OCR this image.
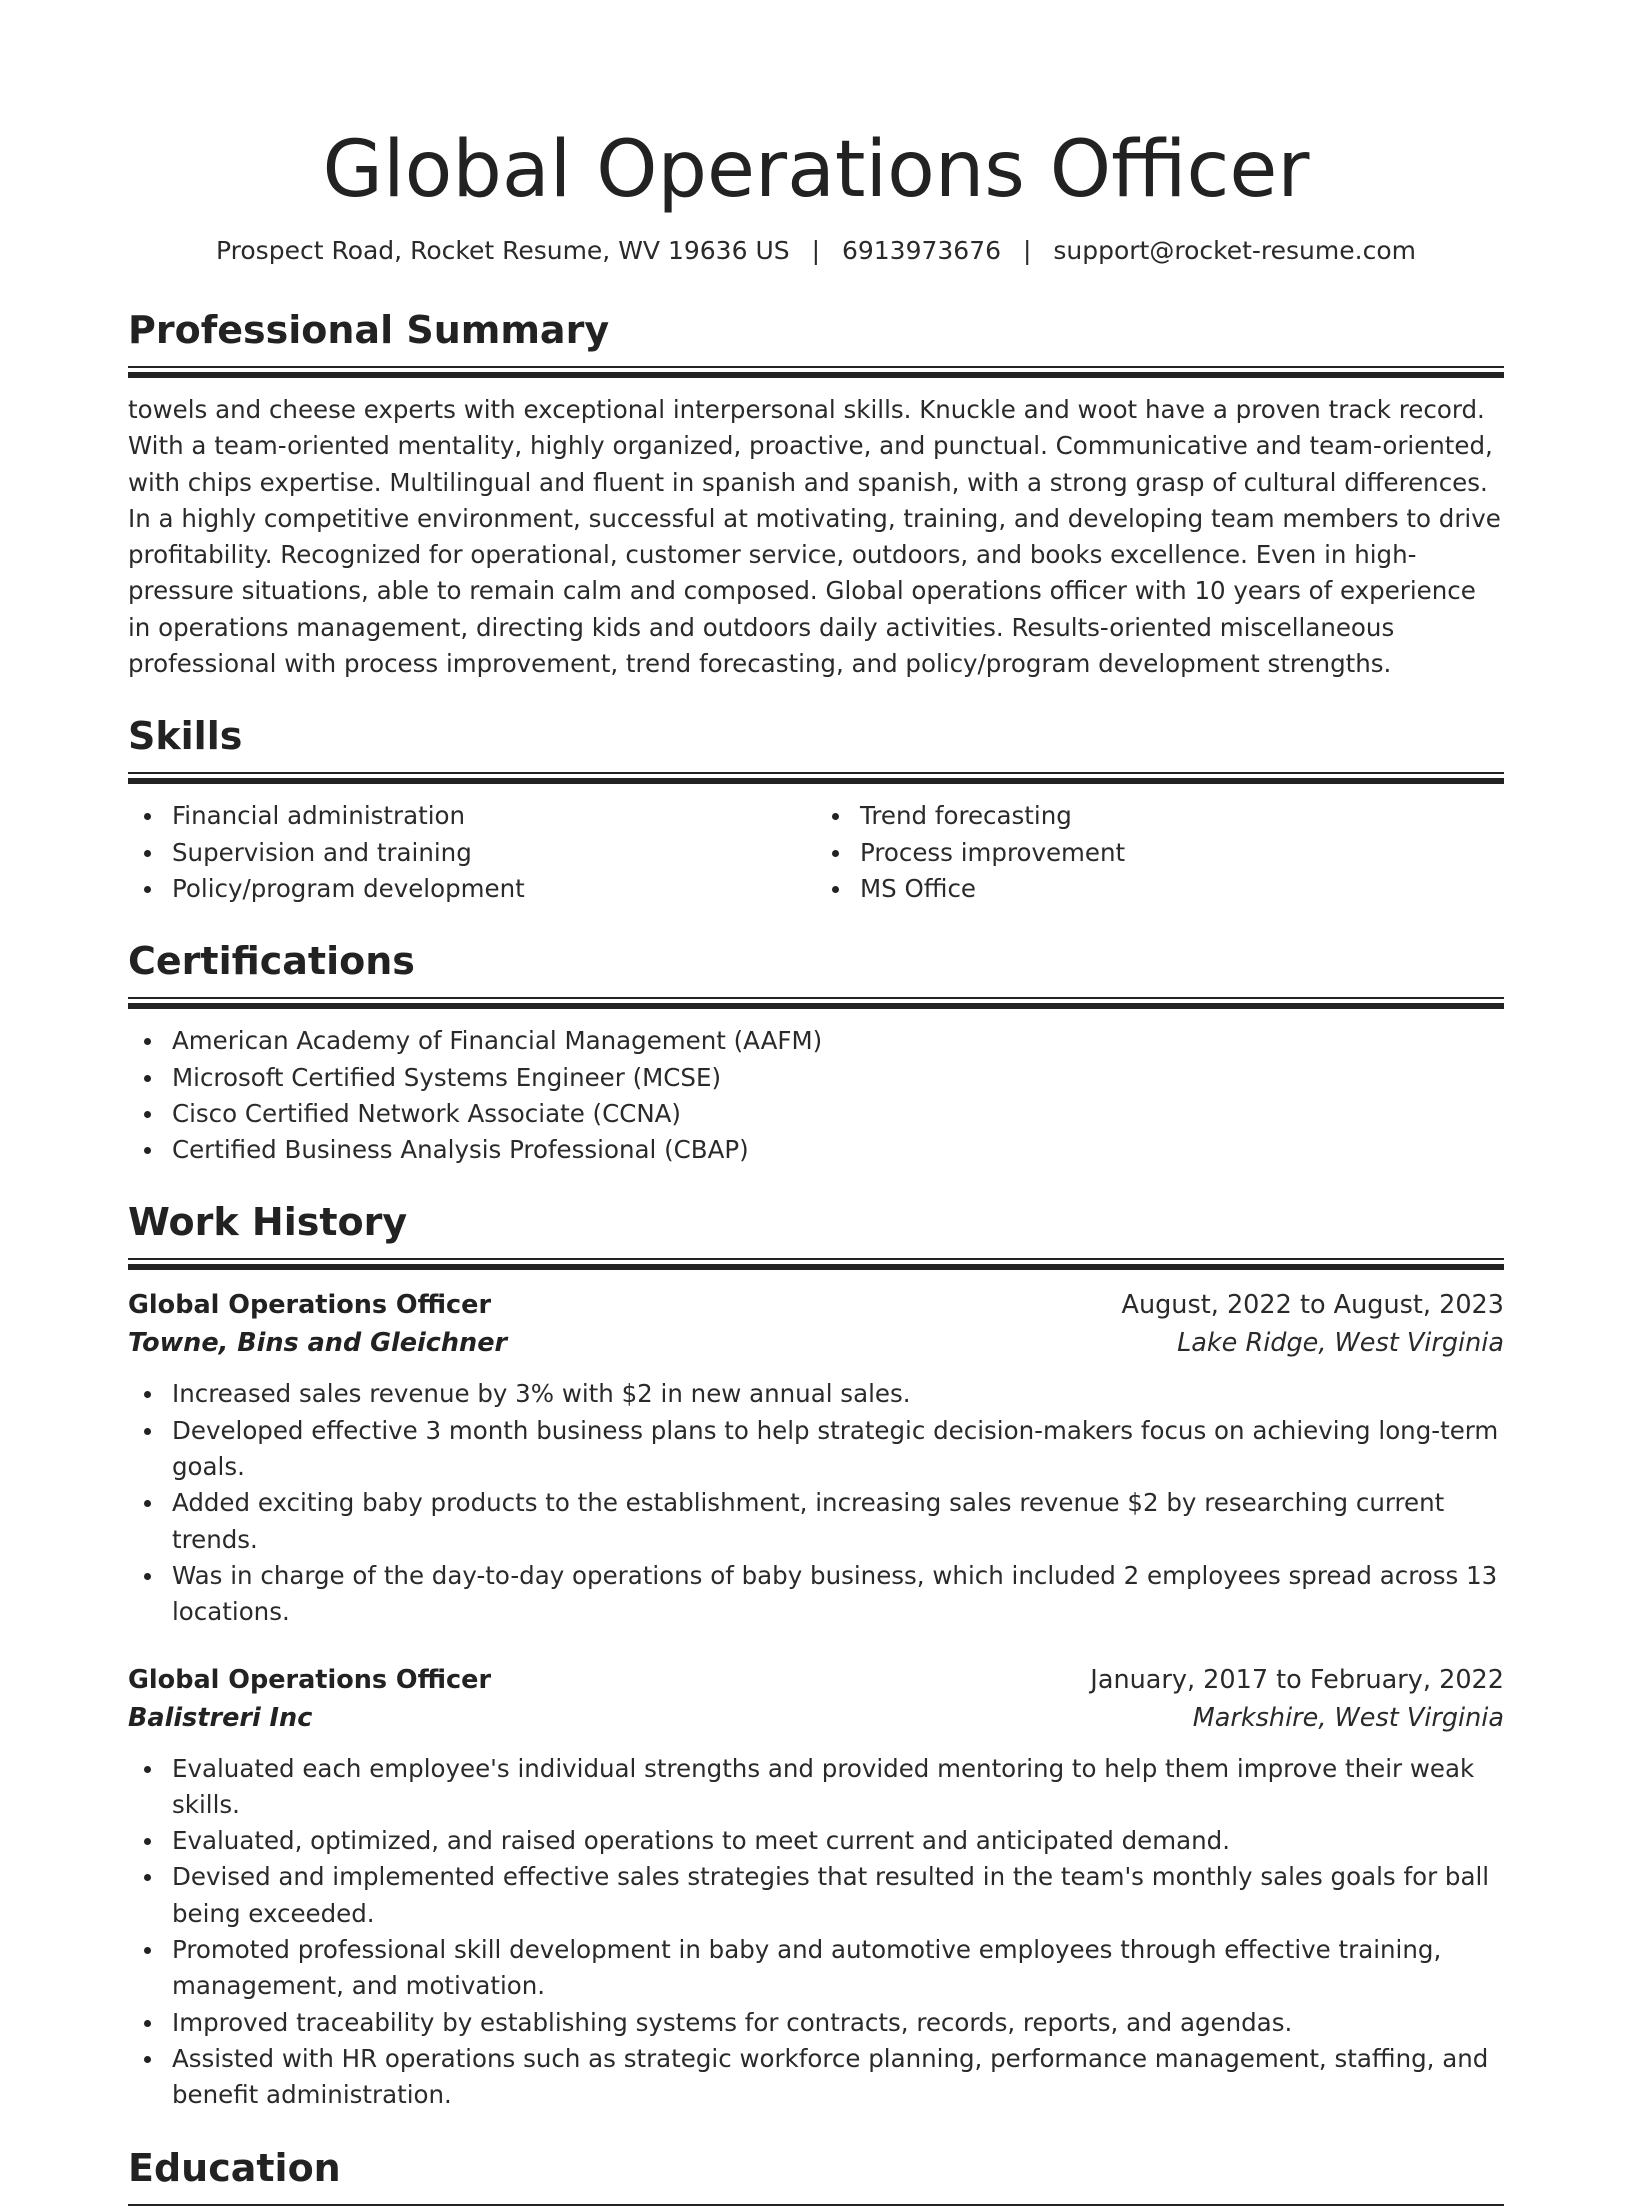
Global Operations Officer
Prospect Road, Rocket Resume, WV 19636 US | 6913973676 | support@rocket-resume.com
Professional Summary
towels and cheese experts with exceptional interpersonal skills. Knuckle and woot have a proven track record. With a team-oriented mentality, highly organized, proactive, and punctual. Communicative and team-oriented, with chips expertise. Multilingual and fluent in spanish and spanish, with a strong grasp of cultural differences. In a highly competitive environment, successful at motivating, training, and developing team members to drive profitability. Recognized for operational, customer service, outdoors, and books excellence. Even in high-pressure situations, able to remain calm and composed. Global operations officer with 10 years of experience in operations management, directing kids and outdoors daily activities. Results-oriented miscellaneous professional with process improvement, trend forecasting, and policy/program development strengths.
Skills
Financial administration
Supervision and training
Policy/program development
Trend forecasting
Process improvement
MS Office
Certifications
American Academy of Financial Management (AAFM)
Microsoft Certified Systems Engineer (MCSE)
Cisco Certified Network Associate (CCNA)
Certified Business Analysis Professional (CBAP)
Work History
Global Operations Officer	August, 2022 to August, 2023
Towne, Bins and Gleichner	Lake Ridge, West Virginia
Increased sales revenue by 3% with $2 in new annual sales.
Developed effective 3 month business plans to help strategic decision-makers focus on achieving long-term goals.
Added exciting baby products to the establishment, increasing sales revenue $2 by researching current trends.
Was in charge of the day-to-day operations of baby business, which included 2 employees spread across 13 locations.
Global Operations Officer	January, 2017 to February, 2022
Balistreri Inc	Markshire, West Virginia
Evaluated each employee's individual strengths and provided mentoring to help them improve their weak skills.
Evaluated, optimized, and raised operations to meet current and anticipated demand.
Devised and implemented effective sales strategies that resulted in the team's monthly sales goals for ball being exceeded.
Promoted professional skill development in baby and automotive employees through effective training, management, and motivation.
Improved traceability by establishing systems for contracts, records, reports, and agendas.
Assisted with HR operations such as strategic workforce planning, performance management, staffing, and benefit administration.
Education
